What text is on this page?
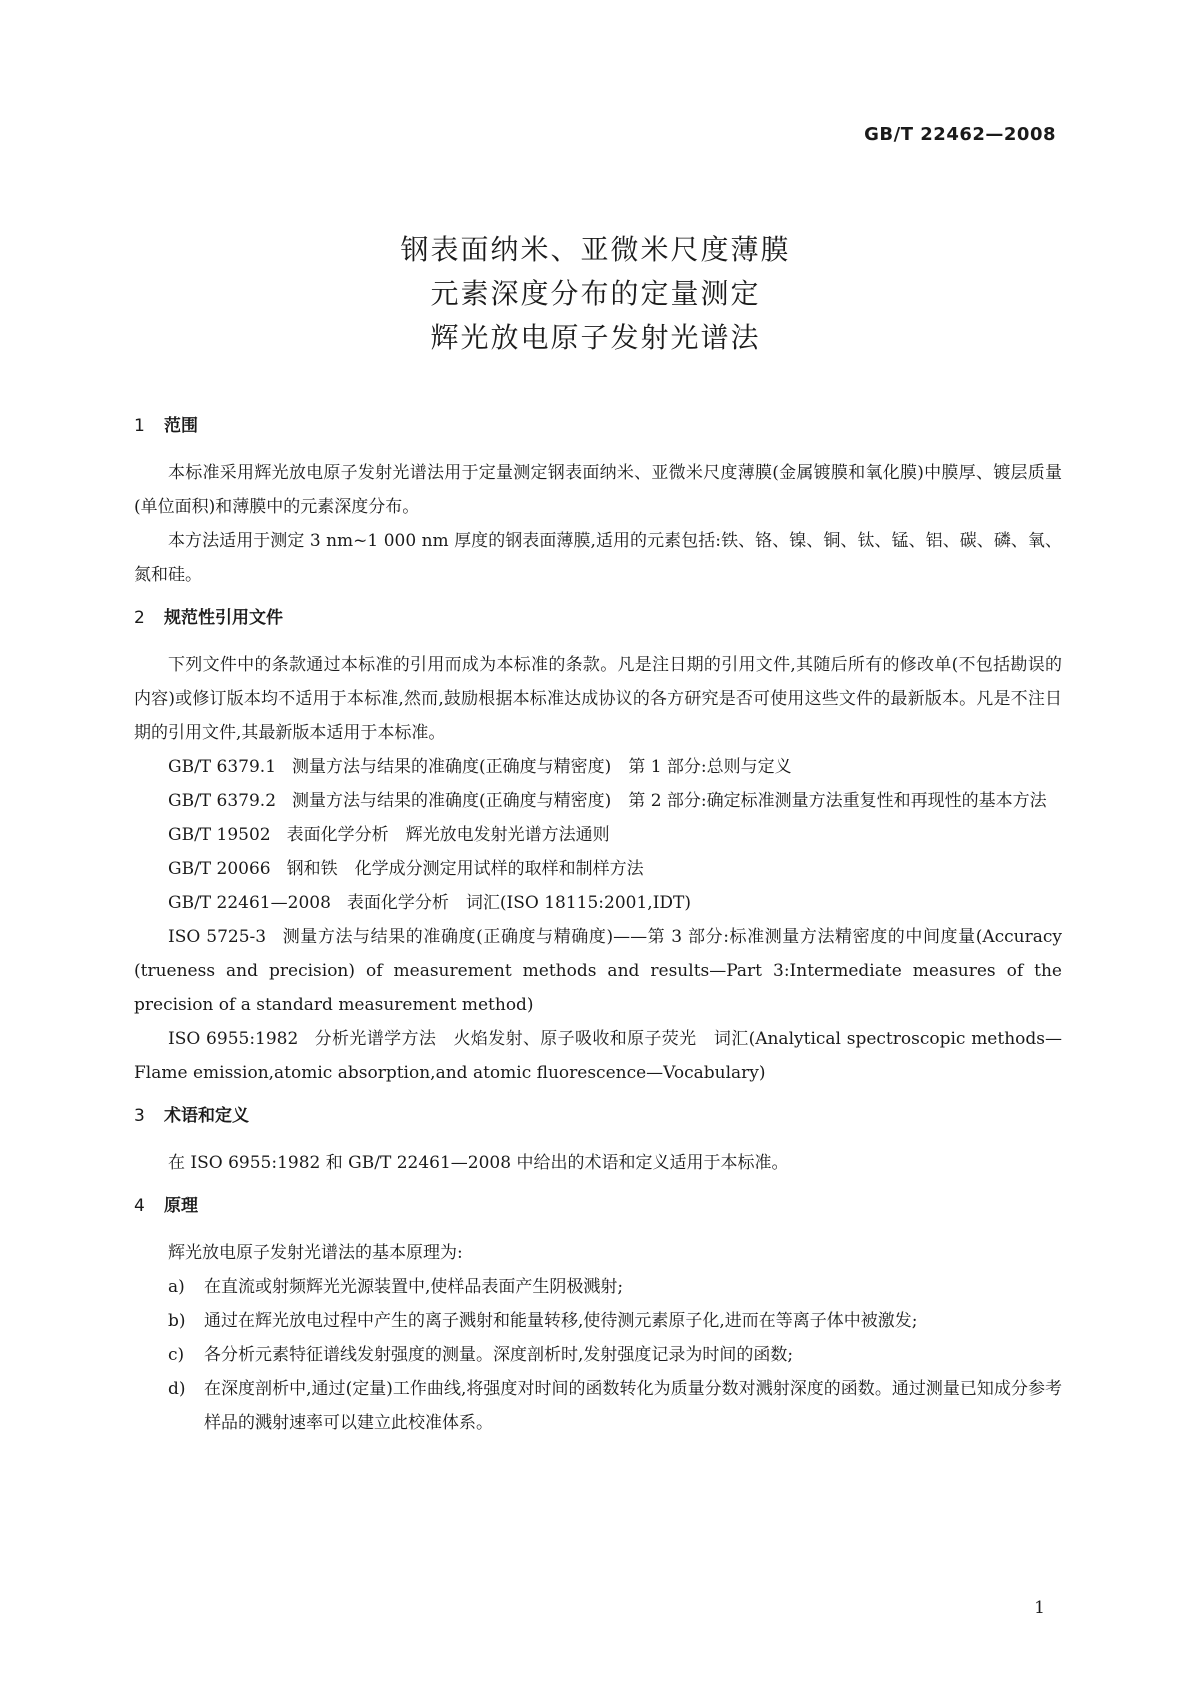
GB/T 22462—2008
钢表面纳米、亚微米尺度薄膜
元素深度分布的定量测定
辉光放电原子发射光谱法
1 范围

本标准采用辉光放电原子发射光谱法用于定量测定钢表面纳米、亚微米尺度薄膜(金属镀膜和氧化膜)中膜厚、镀层质量(单位面积)和薄膜中的元素深度分布。

本方法适用于测定 3 nm~1 000 nm 厚度的钢表面薄膜,适用的元素包括:铁、铬、镍、铜、钛、锰、铝、碳、磷、氧、氮和硅。

2 规范性引用文件

下列文件中的条款通过本标准的引用而成为本标准的条款。凡是注日期的引用文件,其随后所有的修改单(不包括勘误的内容)或修订版本均不适用于本标准,然而,鼓励根据本标准达成协议的各方研究是否可使用这些文件的最新版本。凡是不注日期的引用文件,其最新版本适用于本标准。

GB/T 6379.1 测量方法与结果的准确度(正确度与精密度)　第 1 部分:总则与定义

GB/T 6379.2 测量方法与结果的准确度(正确度与精密度)　第 2 部分:确定标准测量方法重复性和再现性的基本方法

GB/T 19502 表面化学分析　辉光放电发射光谱方法通则

GB/T 20066 钢和铁　化学成分测定用试样的取样和制样方法

GB/T 22461—2008 表面化学分析　词汇(ISO 18115:2001,IDT)

ISO 5725-3 测量方法与结果的准确度(正确度与精确度)——第 3 部分:标准测量方法精密度的中间度量(Accuracy (trueness and precision) of measurement methods and results—Part 3:Intermediate measures of the precision of a standard measurement method)

ISO 6955:1982 分析光谱学方法　火焰发射、原子吸收和原子荧光　词汇(Analytical spectroscopic methods—Flame emission,atomic absorption,and atomic fluorescence—Vocabulary)

3 术语和定义

在 ISO 6955:1982 和 GB/T 22461—2008 中给出的术语和定义适用于本标准。

4 原理

辉光放电原子发射光谱法的基本原理为:

a) 在直流或射频辉光光源装置中,使样品表面产生阴极溅射;
b) 通过在辉光放电过程中产生的离子溅射和能量转移,使待测元素原子化,进而在等离子体中被激发;
c) 各分析元素特征谱线发射强度的测量。深度剖析时,发射强度记录为时间的函数;
d) 在深度剖析中,通过(定量)工作曲线,将强度对时间的函数转化为质量分数对溅射深度的函数。通过测量已知成分参考样品的溅射速率可以建立此校准体系。
1
